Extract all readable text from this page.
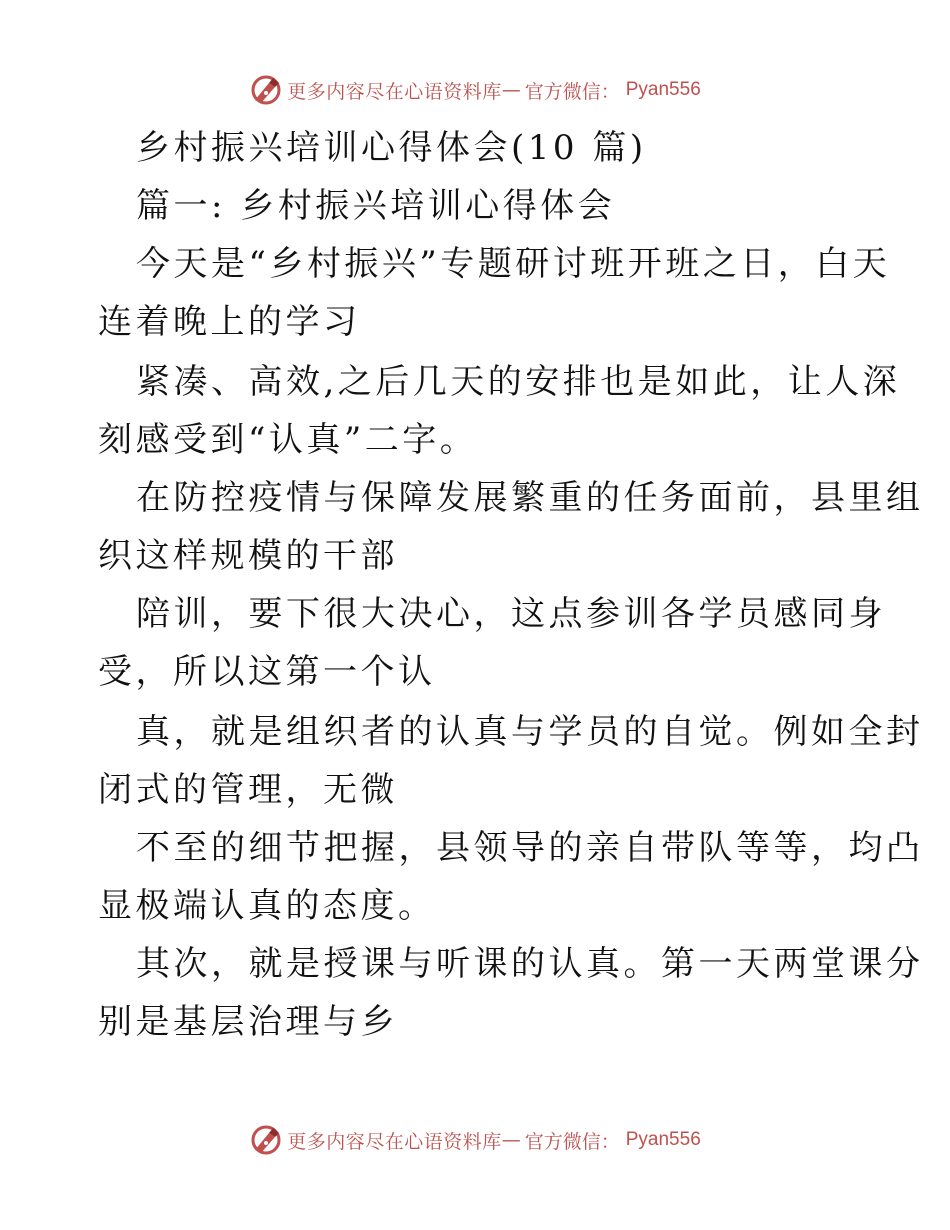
更多内容尽在心语资料库 — 官方微信： Pyan556
乡村振兴培训心得体会(10 篇)
篇一: 乡村振兴培训心得体会
今天是“乡村振兴”专题研讨班开班之日，白天
连着晚上的学习
紧凑、高效,之后几天的安排也是如此，让人深
刻感受到“认真”二字。
在防控疫情与保障发展繁重的任务面前，县里组
织这样规模的干部
陪训，要下很大决心，这点参训各学员感同身
受，所以这第一个认
真，就是组织者的认真与学员的自觉。例如全封
闭式的管理，无微
不至的细节把握，县领导的亲自带队等等，均凸
显极端认真的态度。
其次，就是授课与听课的认真。第一天两堂课分
别是基层治理与乡
更多内容尽在心语资料库 — 官方微信： Pyan556
